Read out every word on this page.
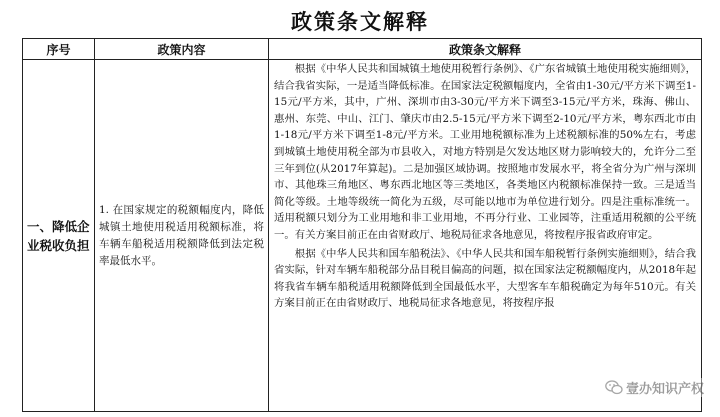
政策条文解释
序号	政策内容	政策条文解释
一、降低企业税收负担	1. 在国家规定的税额幅度内，降低城镇土地使用税适用税额标准，将车辆车船税适用税额降低到法定税率最低水平。	根据《中华人民共和国城镇土地使用税暂行条例》、《广东省城镇土地使用税实施细则》，结合我省实际，一是适当降低标准。在国家法定税额幅度内，全省由1-30元/平方米下调至1-15元/平方米，其中，广州、深圳市由3-30元/平方米下调至3-15元/平方米，珠海、佛山、惠州、东莞、中山、江门、肇庆市由2.5-15元/平方米下调至2-10元/平方米，粤东西北市由1-18元/平方米下调至1-8元/平方米。工业用地税额标准为上述税额标准的50%左右，考虑到城镇土地使用税全部为市县收入，对地方特别是欠发达地区财力影响较大的，允许分二至三年到位(从2017年算起)。二是加强区域协调。按照地市发展水平，将全省分为广州与深圳市、其他珠三角地区、粤东西北地区等三类地区，各类地区内税额标准保持一致。三是适当简化等级。土地等级统一简化为五级，尽可能以地市为单位进行划分。四是注重标准统一。适用税额只划分为工业用地和非工业用地，不再分行业、工业园等，注重适用税额的公平统一。有关方案目前正在由省财政厅、地税局征求各地意见，将按程序报省政府审定。

根据《中华人民共和国车船税法》、《中华人民共和国车船税暂行条例实施细则》，结合我省实际，针对车辆车船税部分品目税目偏高的问题，拟在国家法定税额幅度内，从2018年起将我省车辆车船税适用税额降低到全国最低水平，大型客车车船税确定为每年510元。有关方案目前正在由省财政厅、地税局征求各地意见，将按程序报

壹办知识产权
